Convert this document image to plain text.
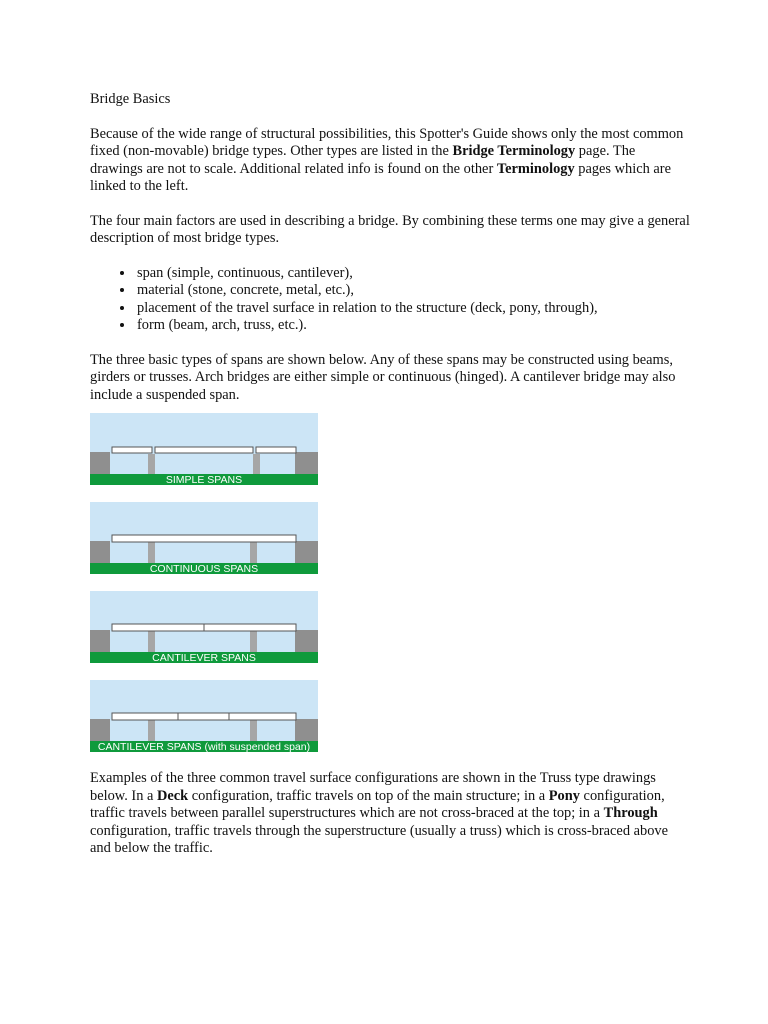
Bridge Basics

Because of the wide range of structural possibilities, this Spotter's Guide shows only the most common fixed (non-movable) bridge types. Other types are listed in the Bridge Terminology page. The drawings are not to scale. Additional related info is found on the other Terminology pages which are linked to the left.

The four main factors are used in describing a bridge. By combining these terms one may give a general description of most bridge types.

• span (simple, continuous, cantilever),
• material (stone, concrete, metal, etc.),
• placement of the travel surface in relation to the structure (deck, pony, through),
• form (beam, arch, truss, etc.).

The three basic types of spans are shown below. Any of these spans may be constructed using beams, girders or trusses. Arch bridges are either simple or continuous (hinged). A cantilever bridge may also include a suspended span.

SIMPLE SPANS
CONTINUOUS SPANS
CANTILEVER SPANS
CANTILEVER SPANS (with suspended span)

Examples of the three common travel surface configurations are shown in the Truss type drawings below. In a Deck configuration, traffic travels on top of the main structure; in a Pony configuration, traffic travels between parallel superstructures which are not cross-braced at the top; in a Through configuration, traffic travels through the superstructure (usually a truss) which is cross-braced above and below the traffic.
